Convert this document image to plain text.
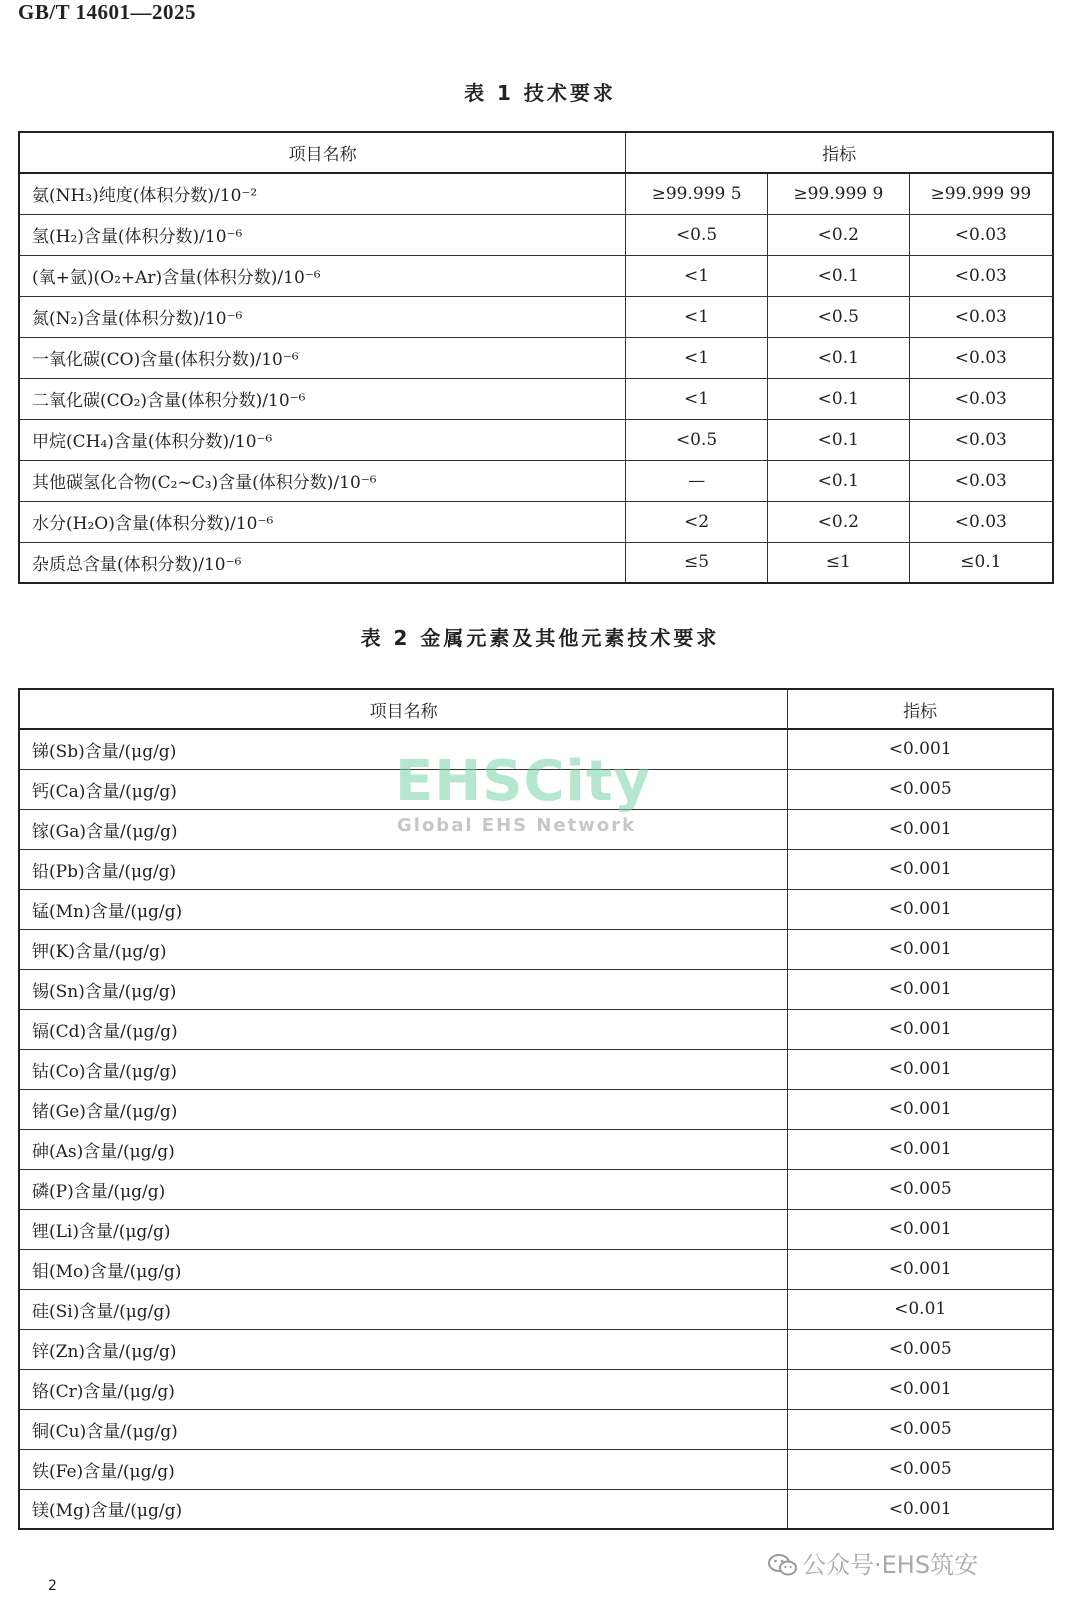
GB/T 14601—2025
表 1 技术要求
项目名称	指标		
氨(NH₃)纯度(体积分数)/10⁻²	≥99.999 5	≥99.999 9	≥99.999 99
氢(H₂)含量(体积分数)/10⁻⁶	<0.5	<0.2	<0.03
(氧+氩)(O₂+Ar)含量(体积分数)/10⁻⁶	<1	<0.1	<0.03
氮(N₂)含量(体积分数)/10⁻⁶	<1	<0.5	<0.03
一氧化碳(CO)含量(体积分数)/10⁻⁶	<1	<0.1	<0.03
二氧化碳(CO₂)含量(体积分数)/10⁻⁶	<1	<0.1	<0.03
甲烷(CH₄)含量(体积分数)/10⁻⁶	<0.5	<0.1	<0.03
其他碳氢化合物(C₂~C₃)含量(体积分数)/10⁻⁶	—	<0.1	<0.03
水分(H₂O)含量(体积分数)/10⁻⁶	<2	<0.2	<0.03
杂质总含量(体积分数)/10⁻⁶	≤5	≤1	≤0.1
表 2 金属元素及其他元素技术要求
项目名称	指标
锑(Sb)含量/(μg/g)	<0.001
钙(Ca)含量/(μg/g)	<0.005
镓(Ga)含量/(μg/g)	<0.001
铅(Pb)含量/(μg/g)	<0.001
锰(Mn)含量/(μg/g)	<0.001
钾(K)含量/(μg/g)	<0.001
锡(Sn)含量/(μg/g)	<0.001
镉(Cd)含量/(μg/g)	<0.001
钴(Co)含量/(μg/g)	<0.001
锗(Ge)含量/(μg/g)	<0.001
砷(As)含量/(μg/g)	<0.001
磷(P)含量/(μg/g)	<0.005
锂(Li)含量/(μg/g)	<0.001
钼(Mo)含量/(μg/g)	<0.001
硅(Si)含量/(μg/g)	<0.01
锌(Zn)含量/(μg/g)	<0.005
铬(Cr)含量/(μg/g)	<0.001
铜(Cu)含量/(μg/g)	<0.005
铁(Fe)含量/(μg/g)	<0.005
镁(Mg)含量/(μg/g)	<0.001
EHSCity
Global EHS Network
公众号·EHS筑安
2
